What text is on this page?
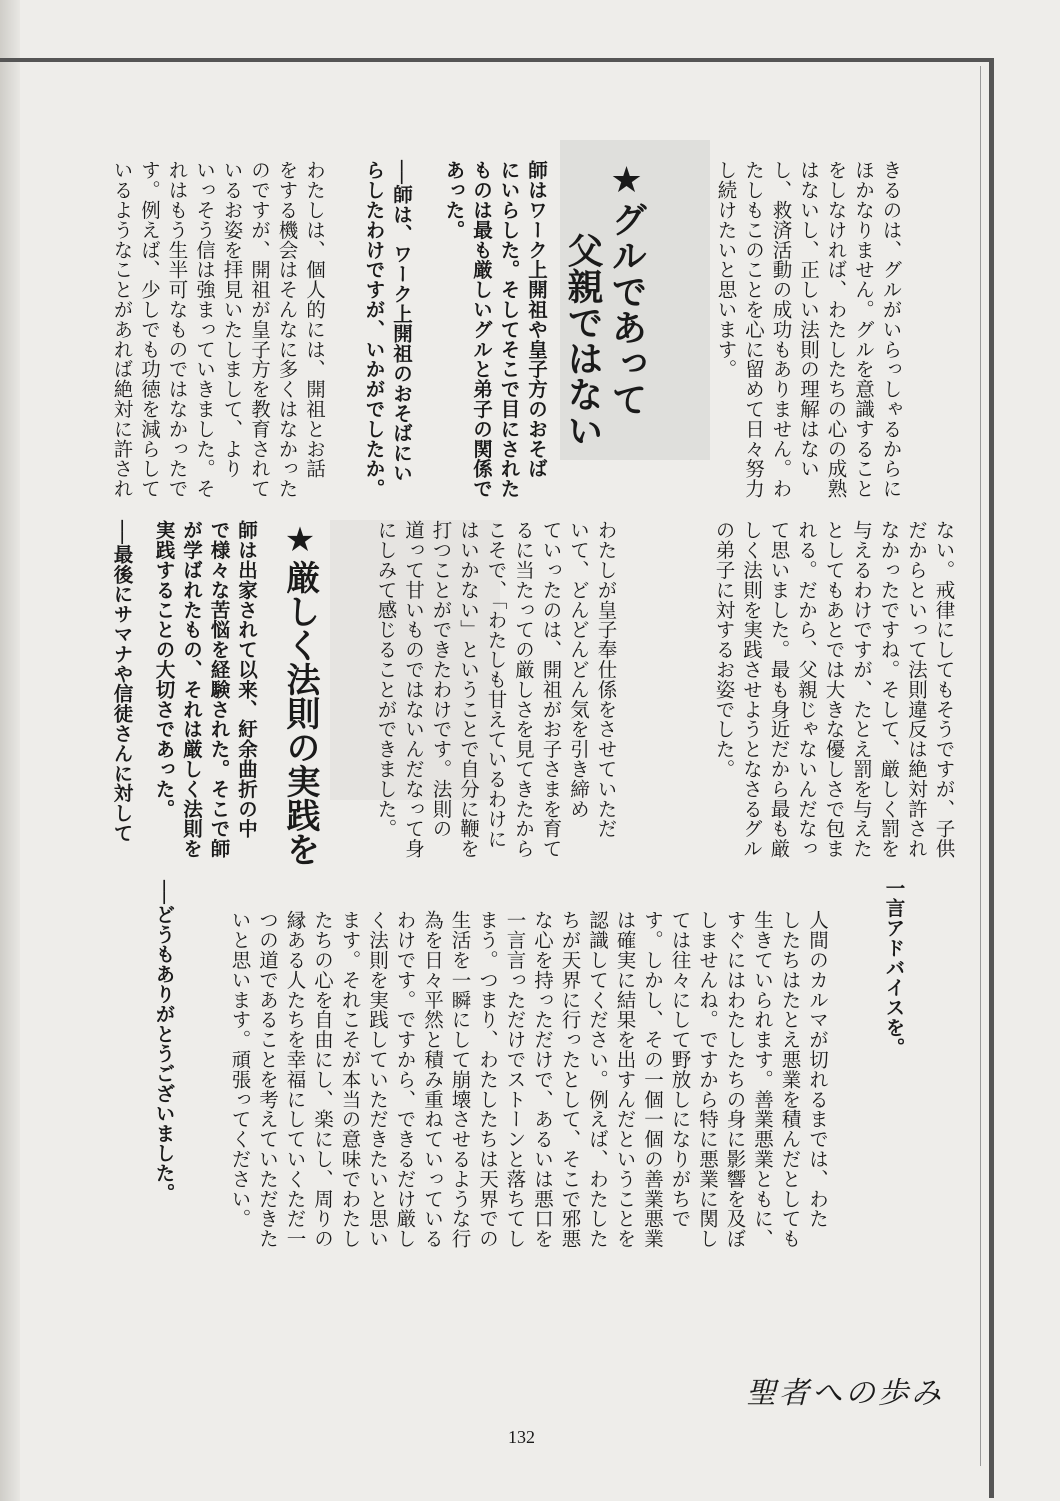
きるのは、グルがいらっしゃるからに
ほかなりません。グルを意識すること
をしなければ、わたしたちの心の成熟
はないし、正しい法則の理解はない
し、救済活動の成功もありません。わ
たしもこのことを心に留めて日々努力
し続けたいと思います。
★グルであって
　　父親ではない
師はワーク上開祖や皇子方のおそば
にいらした。そしてそこで目にされた
ものは最も厳しいグルと弟子の関係で
あった。
──師は、ワーク上開祖のおそばにい
らしたわけですが、いかがでしたか。
わたしは、個人的には、開祖とお話
をする機会はそんなに多くはなかった
のですが、開祖が皇子方を教育されて
いるお姿を拝見いたしまして、より
いっそう信は強まっていきました。そ
れはもう生半可なものではなかったで
す。例えば、少しでも功徳を減らして
いるようなことがあれば絶対に許され
ない。戒律にしてもそうですが、子供
だからといって法則違反は絶対許され
なかったですね。そして、厳しく罰を
与えるわけですが、たとえ罰を与えた
としてもあとでは大きな優しさで包ま
れる。だから、父親じゃないんだなっ
て思いました。最も身近だから最も厳
しく法則を実践させようとなさるグル
の弟子に対するお姿でした。
わたしが皇子奉仕係をさせていただ
いて、どんどんどん気を引き締め
ていったのは、開祖がお子さまを育て
るに当たっての厳しさを見てきたから
こそで、「わたしも甘えているわけに
はいかない」ということで自分に鞭を
打つことができたわけです。法則の
道って甘いものではないんだなって身
にしみて感じることができました。
★厳しく法則の実践を
師は出家されて以来、紆余曲折の中
で様々な苦悩を経験された。そこで師
が学ばれたもの、それは厳しく法則を
実践することの大切さであった。
──最後にサマナや信徒さんに対して
一言アドバイスを。
人間のカルマが切れるまでは、わた
したちはたとえ悪業を積んだとしても
生きていられます。善業悪業ともに、
すぐにはわたしたちの身に影響を及ぼ
しませんね。ですから特に悪業に関し
ては往々にして野放しになりがちで
す。しかし、その一個一個の善業悪業
は確実に結果を出すんだということを
認識してください。例えば、わたした
ちが天界に行ったとして、そこで邪悪
な心を持っただけで、あるいは悪口を
一言言っただけでストーンと落ちてし
まう。つまり、わたしたちは天界での
生活を一瞬にして崩壊させるような行
為を日々平然と積み重ねていっている
わけです。ですから、できるだけ厳し
く法則を実践していただきたいと思い
ます。それこそが本当の意味でわたし
たちの心を自由にし、楽にし、周りの
縁ある人たちを幸福にしていくただ一
つの道であることを考えていただきた
いと思います。頑張ってください。
──どうもありがとうございました。
聖者への歩み
132
